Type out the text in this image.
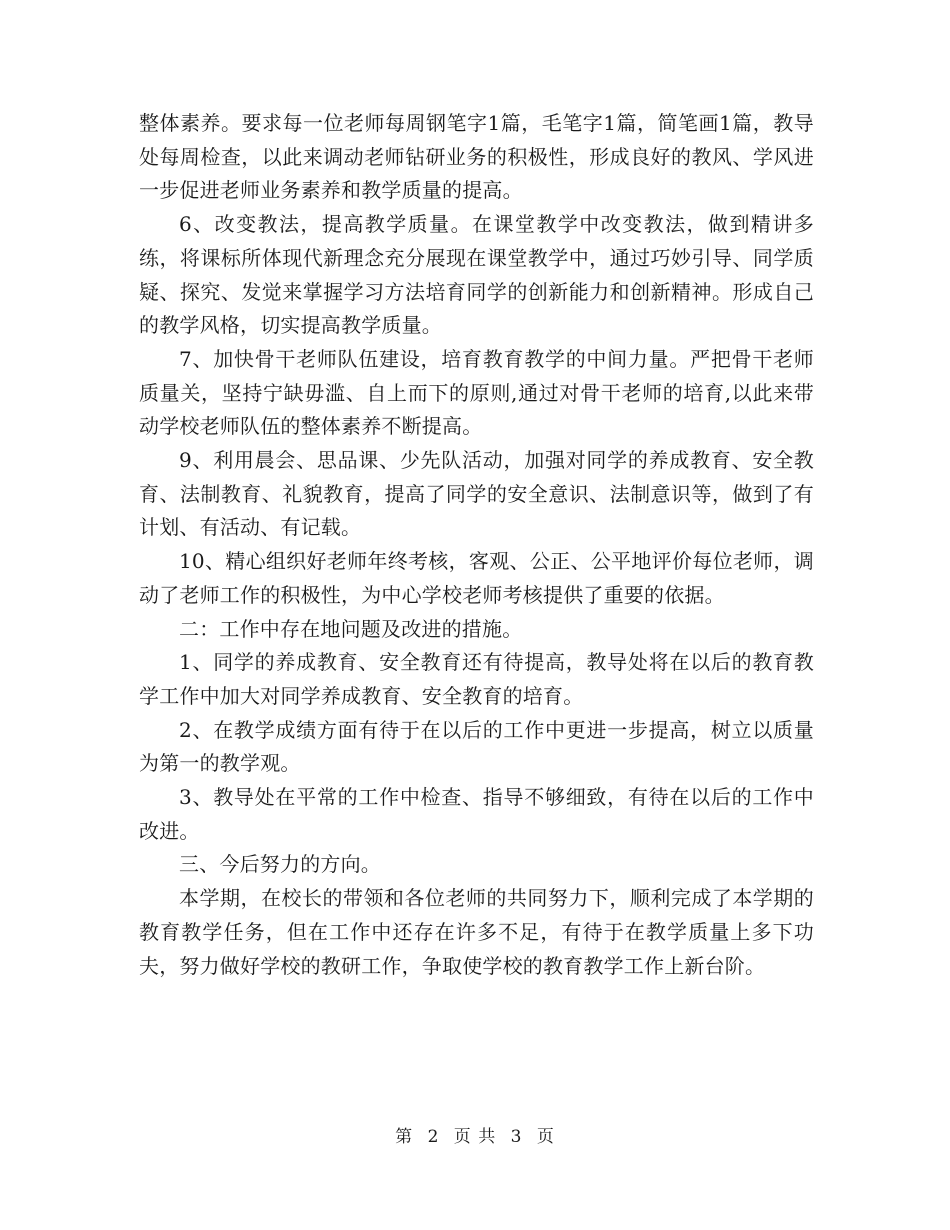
整体素养。要求每一位老师每周钢笔字1篇，毛笔字1篇，简笔画1篇，教导处每周检查，以此来调动老师钻研业务的积极性，形成良好的教风、学风进一步促进老师业务素养和教学质量的提高。

6、改变教法，提高教学质量。在课堂教学中改变教法，做到精讲多练，将课标所体现代新理念充分展现在课堂教学中，通过巧妙引导、同学质疑、探究、发觉来掌握学习方法培育同学的创新能力和创新精神。形成自己的教学风格，切实提高教学质量。

7、加快骨干老师队伍建设，培育教育教学的中间力量。严把骨干老师质量关，坚持宁缺毋滥、自上而下的原则,通过对骨干老师的培育,以此来带动学校老师队伍的整体素养不断提高。

9、利用晨会、思品课、少先队活动，加强对同学的养成教育、安全教育、法制教育、礼貌教育，提高了同学的安全意识、法制意识等，做到了有计划、有活动、有记载。

10、精心组织好老师年终考核，客观、公正、公平地评价每位老师，调动了老师工作的积极性，为中心学校老师考核提供了重要的依据。

二：工作中存在地问题及改进的措施。

1、同学的养成教育、安全教育还有待提高，教导处将在以后的教育教学工作中加大对同学养成教育、安全教育的培育。

2、在教学成绩方面有待于在以后的工作中更进一步提高，树立以质量为第一的教学观。

3、教导处在平常的工作中检查、指导不够细致，有待在以后的工作中改进。

三、今后努力的方向。

本学期，在校长的带领和各位老师的共同努力下，顺利完成了本学期的教育教学任务，但在工作中还存在许多不足，有待于在教学质量上多下功夫，努力做好学校的教研工作，争取使学校的教育教学工作上新台阶。

第 2 页 共 3 页
